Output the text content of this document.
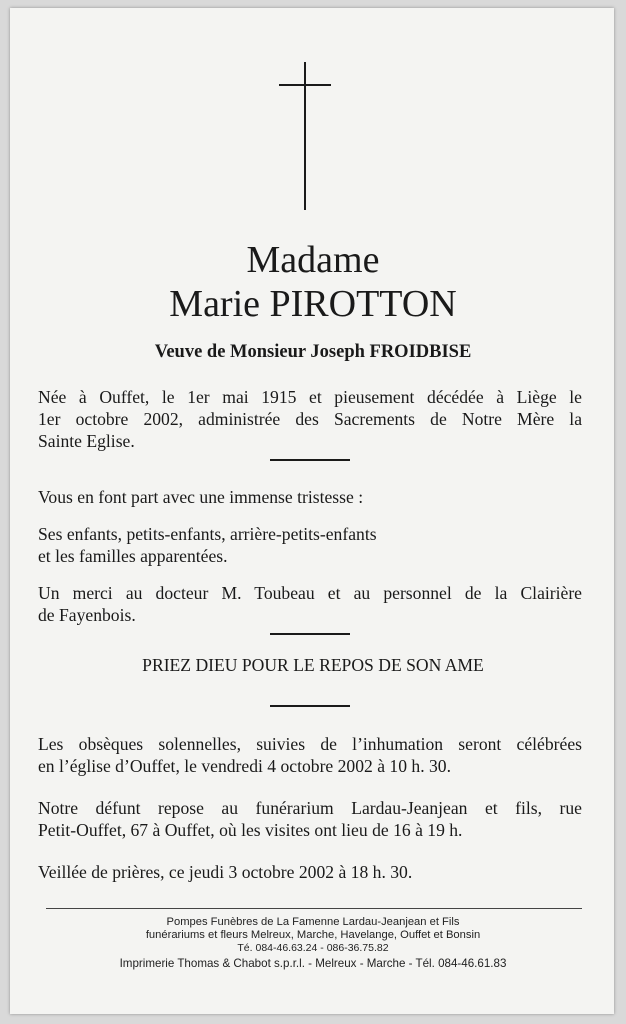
Madame
Marie PIROTTON
Veuve de Monsieur Joseph FROIDBISE
Née à Ouffet, le 1er mai 1915 et pieusement décédée à Liège le
1er octobre 2002, administrée des Sacrements de Notre Mère la
Sainte Eglise.
Vous en font part avec une immense tristesse :
Ses enfants, petits-enfants, arrière-petits-enfants
et les familles apparentées.
Un merci au docteur M. Toubeau et au personnel de la Clairière
de Fayenbois.
PRIEZ DIEU POUR LE REPOS DE SON AME
Les obsèques solennelles, suivies de l’inhumation seront célébrées
en l’église d’Ouffet, le vendredi 4 octobre 2002 à 10 h. 30.
Notre défunt repose au funérarium Lardau-Jeanjean et fils, rue
Petit-Ouffet, 67 à Ouffet, où les visites ont lieu de 16 à 19 h.
Veillée de prières, ce jeudi 3 octobre 2002 à 18 h. 30.
Pompes Funèbres de La Famenne Lardau-Jeanjean et Fils
funérariums et fleurs Melreux, Marche, Havelange, Ouffet et Bonsin
Té. 084-46.63.24 - 086-36.75.82
Imprimerie Thomas & Chabot s.p.r.l. - Melreux - Marche - Tél. 084-46.61.83
